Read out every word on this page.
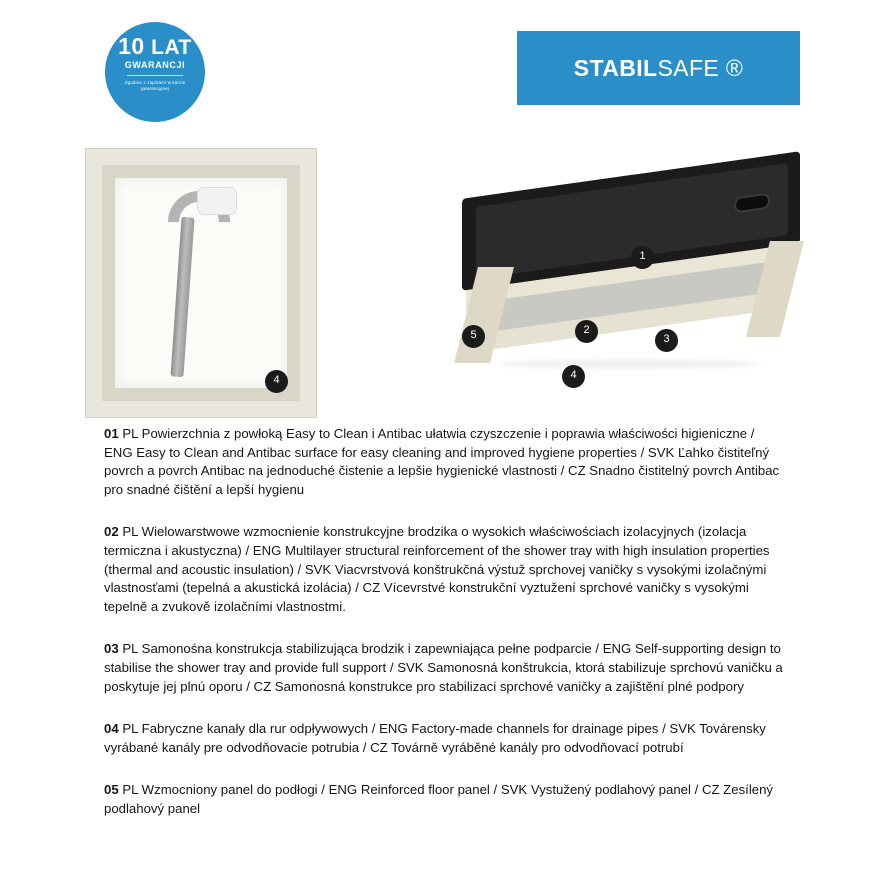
10 LAT
GWARANCJI
Zgodnie z zapisami w karcie gwarancyjnej
STABILSAFE ®
4
1
2
3
4
5

01 PL Powierzchnia z powłoką Easy to Clean i Antibac ułatwia czyszczenie i poprawia właściwości higieniczne / ENG Easy to Clean and Antibac surface for easy cleaning and improved hygiene properties / SVK Ľahko čistiteľný povrch a povrch Antibac na jednoduché čistenie a lepšie hygienické vlastnosti / CZ Snadno čistitelný povrch Antibac pro snadné čištění a lepší hygienu

02 PL Wielowarstwowe wzmocnienie konstrukcyjne brodzika o wysokich właściwościach izolacyjnych (izolacja termiczna i akustyczna) / ENG Multilayer structural reinforcement of the shower tray with high insulation properties (thermal and acoustic insulation) / SVK Viacvrstvová konštrukčná výstuž sprchovej vaničky s vysokými izolačnými vlastnosťami (tepelná a akustická izolácia) / CZ Vícevrstvé konstrukční vyztužení sprchové vaničky s vysokými tepelně a zvukově izolačními vlastnostmi.

03 PL Samonośna konstrukcja stabilizująca brodzik i zapewniająca pełne podparcie / ENG Self-supporting design to stabilise the shower tray and provide full support / SVK Samonosná konštrukcia, ktorá stabilizuje sprchovú vaničku a poskytuje jej plnú oporu / CZ Samonosná konstrukce pro stabilizaci sprchové vaničky a zajištění plné podpory

04 PL Fabryczne kanały dla rur odpływowych / ENG Factory-made channels for drainage pipes / SVK Továrensky vyrábané kanály pre odvodňovacie potrubia / CZ Továrně vyráběné kanály pro odvodňovací potrubí

05 PL Wzmocniony panel do podłogi / ENG Reinforced floor panel / SVK Vystužený podlahový panel / CZ Zesílený podlahový panel
